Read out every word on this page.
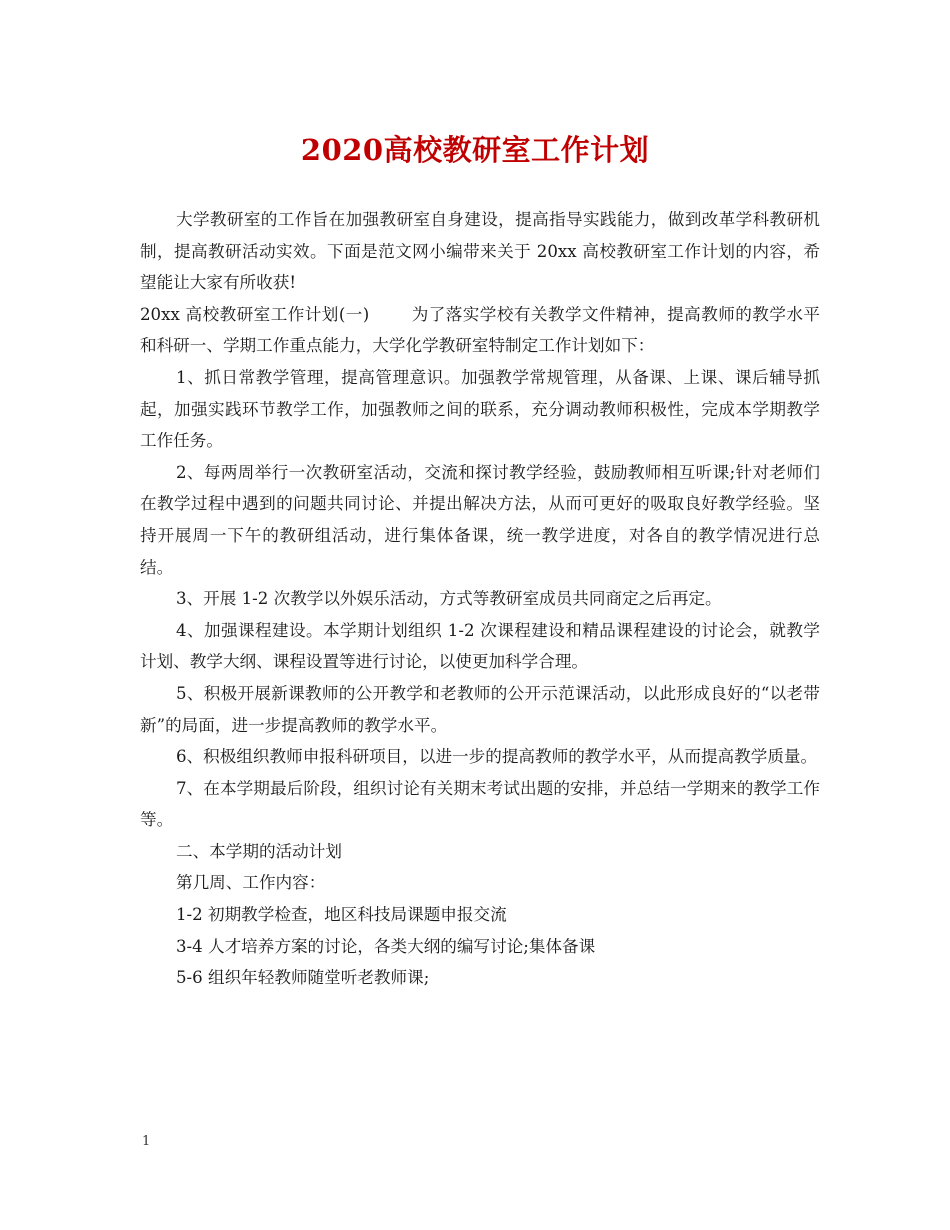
2020高校教研室工作计划

大学教研室的工作旨在加强教研室自身建设，提高指导实践能力，做到改革学科教研机制，提高教研活动实效。下面是范文网小编带来关于 20xx 高校教研室工作计划的内容，希望能让大家有所收获!

20xx 高校教研室工作计划(一)	为了落实学校有关教学文件精神，提高教师的教学水平和科研一、学期工作重点能力，大学化学教研室特制定工作计划如下：

1、抓日常教学管理，提高管理意识。加强教学常规管理，从备课、上课、课后辅导抓起，加强实践环节教学工作，加强教师之间的联系，充分调动教师积极性，完成本学期教学工作任务。

2、每两周举行一次教研室活动，交流和探讨教学经验，鼓励教师相互听课;针对老师们在教学过程中遇到的问题共同讨论、并提出解决方法，从而可更好的吸取良好教学经验。坚持开展周一下午的教研组活动，进行集体备课，统一教学进度，对各自的教学情况进行总结。

3、开展 1-2 次教学以外娱乐活动，方式等教研室成员共同商定之后再定。

4、加强课程建设。本学期计划组织 1-2 次课程建设和精品课程建设的讨论会，就教学计划、教学大纲、课程设置等进行讨论，以使更加科学合理。

5、积极开展新课教师的公开教学和老教师的公开示范课活动，以此形成良好的“以老带新”的局面，进一步提高教师的教学水平。

6、积极组织教师申报科研项目，以进一步的提高教师的教学水平，从而提高教学质量。

7、在本学期最后阶段，组织讨论有关期末考试出题的安排，并总结一学期来的教学工作等。

二、本学期的活动计划

第几周、工作内容：

1-2 初期教学检查，地区科技局课题申报交流

3-4 人才培养方案的讨论，各类大纲的编写讨论;集体备课

5-6 组织年轻教师随堂听老教师课;

1
